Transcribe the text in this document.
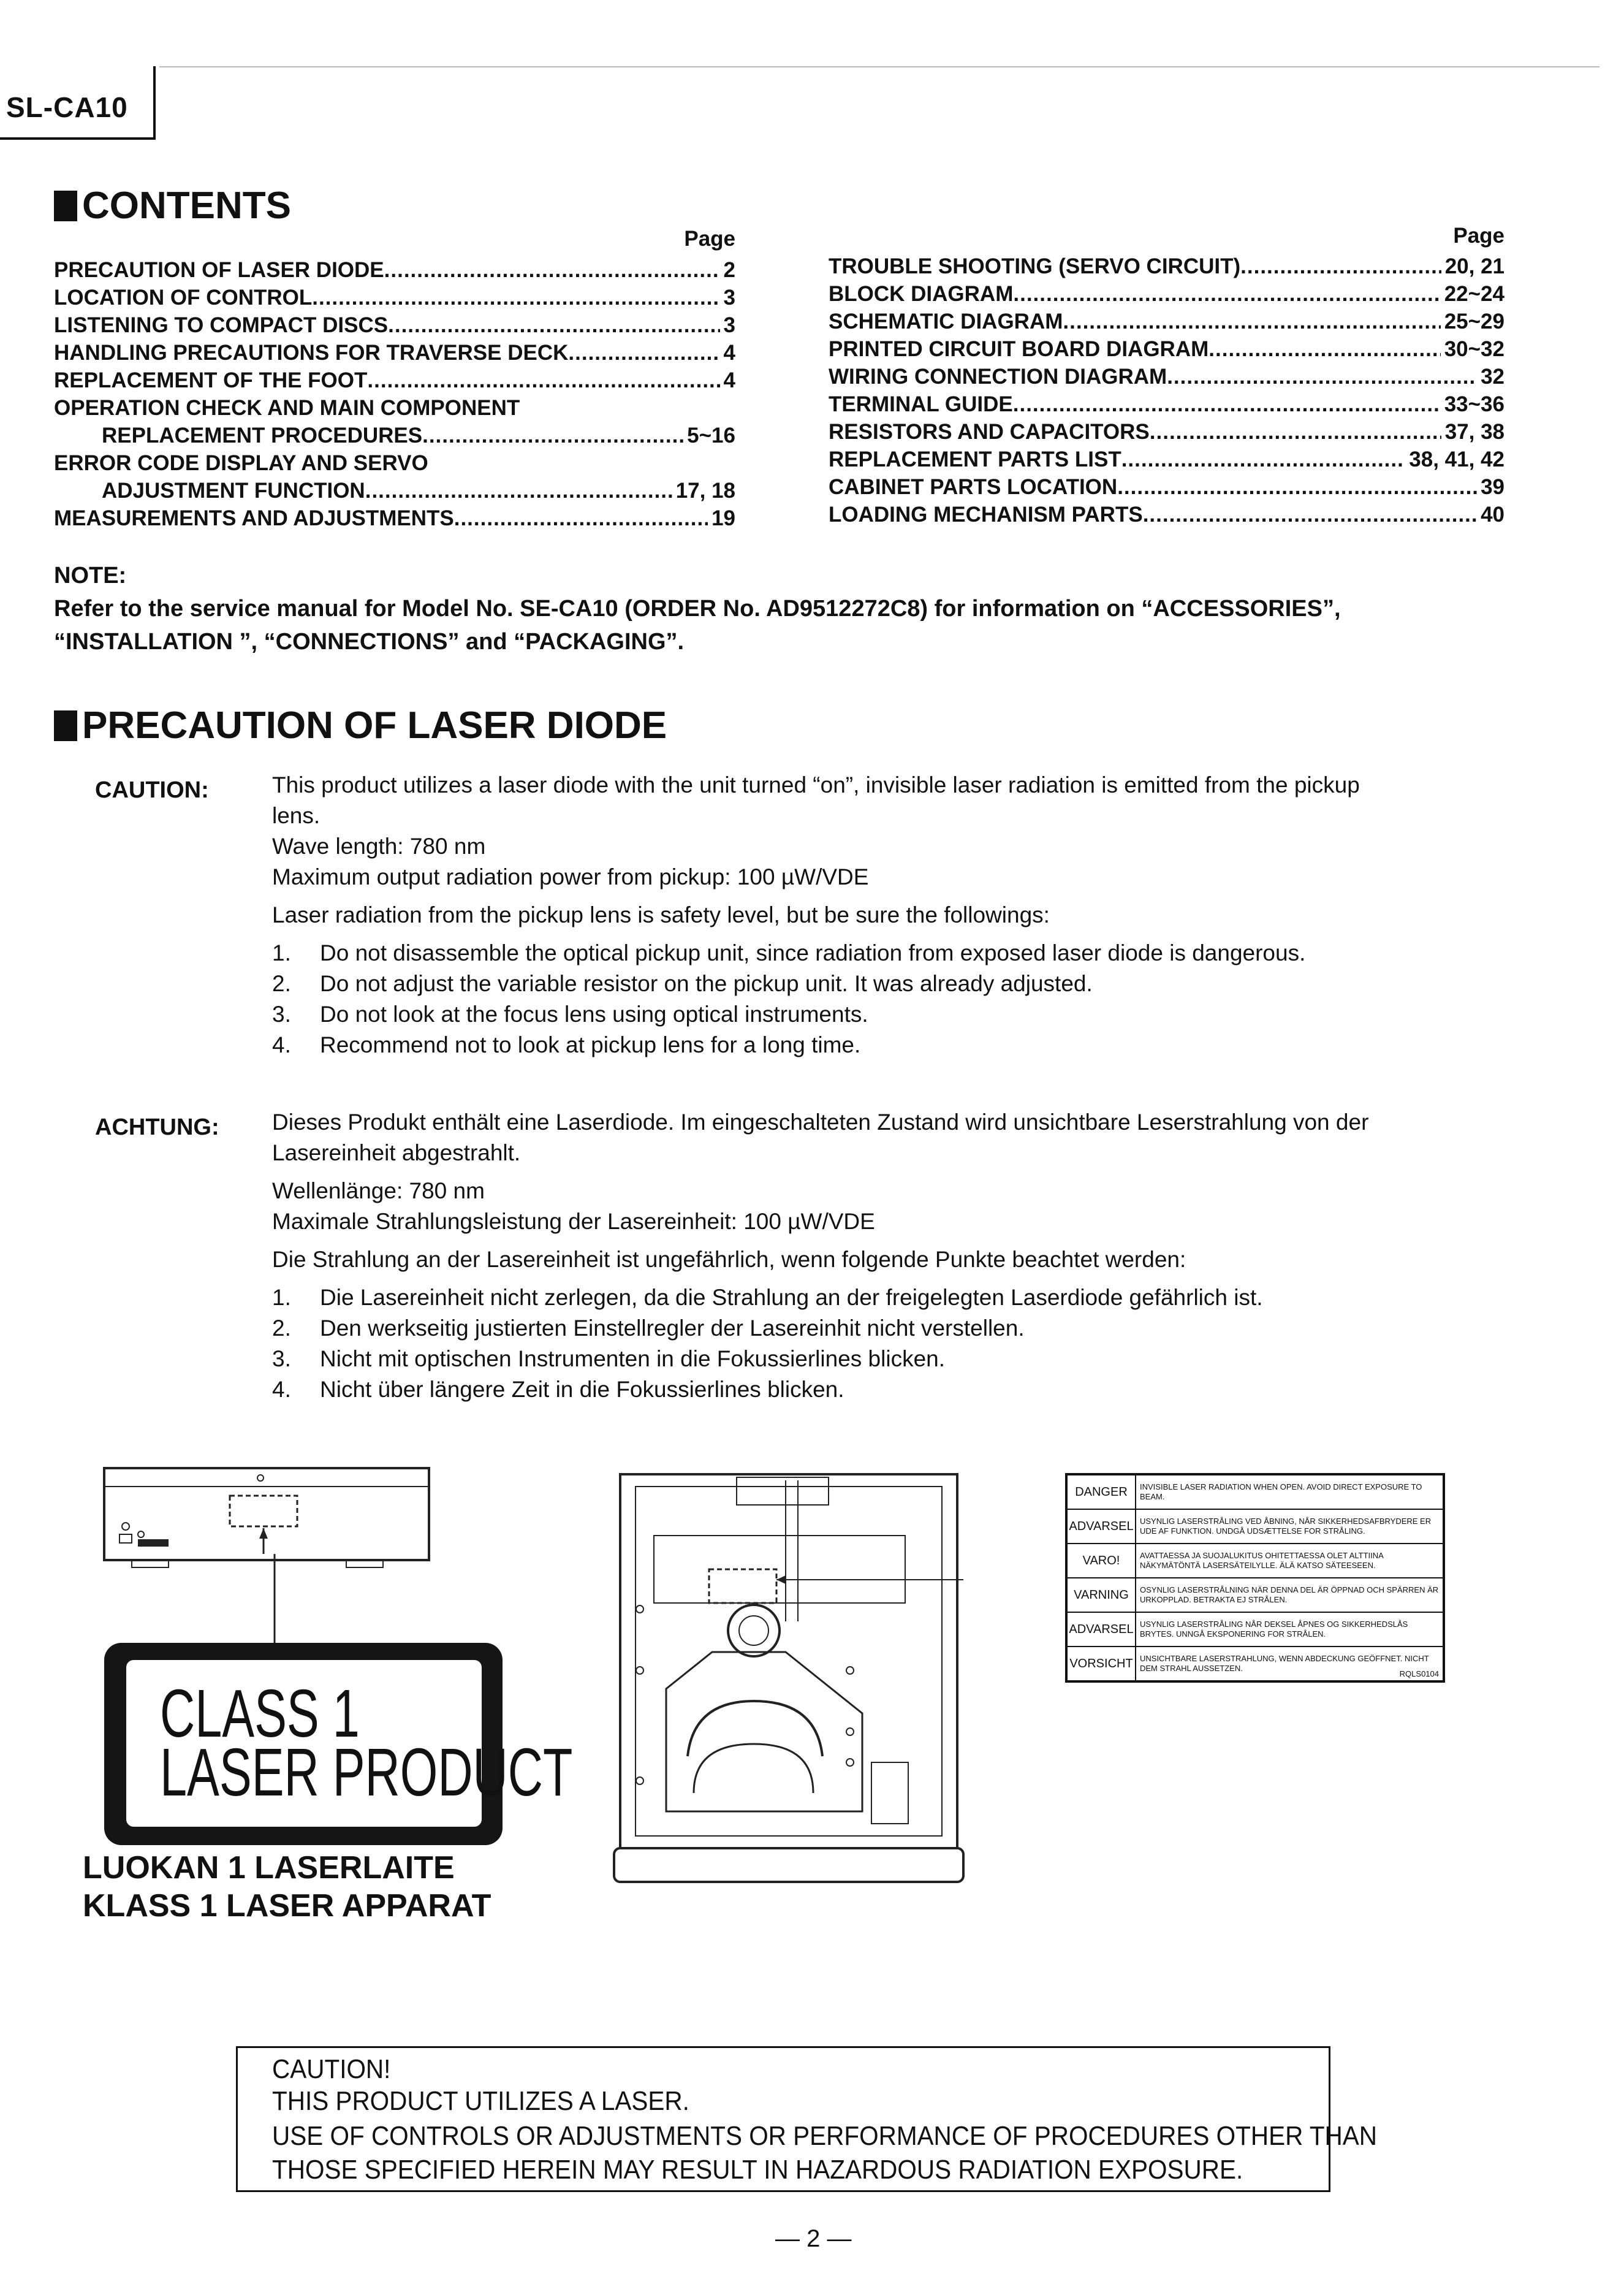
SL-CA10
CONTENTS
Page	Page
PRECAUTION OF LASER DIODE .....	2
LOCATION OF CONTROL .....	3
LISTENING TO COMPACT DISCS .....	3
HANDLING PRECAUTIONS FOR TRAVERSE DECK .....	4
REPLACEMENT OF THE FOOT .....	4
OPERATION CHECK AND MAIN COMPONENT
REPLACEMENT PROCEDURES .....	5~16
ERROR CODE DISPLAY AND SERVO
ADJUSTMENT FUNCTION .....	17, 18
MEASUREMENTS AND ADJUSTMENTS .....	19
TROUBLE SHOOTING (SERVO CIRCUIT) .....	20, 21
BLOCK DIAGRAM .....	22~24
SCHEMATIC DIAGRAM .....	25~29
PRINTED CIRCUIT BOARD DIAGRAM .....	30~32
WIRING CONNECTION DIAGRAM .....	32
TERMINAL GUIDE .....	33~36
RESISTORS AND CAPACITORS .....	37, 38
REPLACEMENT PARTS LIST .....	38, 41, 42
CABINET PARTS LOCATION .....	39
LOADING MECHANISM PARTS .....	40
NOTE:
Refer to the service manual for Model No. SE-CA10 (ORDER No. AD9512272C8) for information on “ACCESSORIES”,
“INSTALLATION ”, “CONNECTIONS” and “PACKAGING”.
PRECAUTION OF LASER DIODE
CAUTION:	This product utilizes a laser diode with the unit turned “on”, invisible laser radiation is emitted from the pickup
lens.
Wave length: 780 nm
Maximum output radiation power from pickup: 100 µW/VDE
Laser radiation from the pickup lens is safety level, but be sure the followings:
1.	Do not disassemble the optical pickup unit, since radiation from exposed laser diode is dangerous.
2.	Do not adjust the variable resistor on the pickup unit. It was already adjusted.
3.	Do not look at the focus lens using optical instruments.
4.	Recommend not to look at pickup lens for a long time.
ACHTUNG: Dieses Produkt enthält eine Laserdiode. Im eingeschalteten Zustand wird unsichtbare Leserstrahlung von der
Lasereinheit abgestrahlt.
Wellenlänge: 780 nm
Maximale Strahlungsleistung der Lasereinheit: 100 µW/VDE
Die Strahlung an der Lasereinheit ist ungefährlich, wenn folgende Punkte beachtet werden:
1.	Die Lasereinheit nicht zerlegen, da die Strahlung an der freigelegten Laserdiode gefährlich ist.
2.	Den werkseitig justierten Einstellregler der Lasereinhit nicht verstellen.
3.	Nicht mit optischen Instrumenten in die Fokussierlines blicken.
4.	Nicht über längere Zeit in die Fokussierlines blicken.
CLASS 1
LASER PRODUCT
LUOKAN 1 LASERLAITE
KLASS 1 LASER APPARAT
DANGER	INVISIBLE LASER RADIATION WHEN OPEN. AVOID DIRECT EXPOSURE TO BEAM.
ADVARSEL USYNLIG LASERSTRÅLING VED ÅBNING, NÅR SIKKERHEDSAFBRYDERE ER UDE AF FUNKTION. UNDGÅ UDSÆTTELSE FOR STRÅLING.
VARO!	AVATTAESSA JA SUOJALUKITUS OHITETTAESSA OLET ALTTIINA NÄKYMÄTÖNTÄ LASERSÄTEILYLLE. ÄLÄ KATSO SÄTEESEEN.
VARNING	OSYNLIG LASERSTRÅLNING NÄR DENNA DEL ÄR ÖPPNAD OCH SPÄRREN ÄR URKOPPLAD. BETRAKTA EJ STRÅLEN.
ADVARSEL USYNLIG LASERSTRÅLING NÅR DEKSEL ÅPNES OG SIKKERHEDSLÅS BRYTES. UNNGÅ EKSPONERING FOR STRÅLEN.
VORSICHT UNSICHTBARE LASERSTRAHLUNG, WENN ABDECKUNG GEÖFFNET. NICHT DEM STRAHL AUSSETZEN.
RQLS0104
CAUTION!
THIS PRODUCT UTILIZES A LASER.
USE OF CONTROLS OR ADJUSTMENTS OR PERFORMANCE OF PROCEDURES OTHER THAN
THOSE SPECIFIED HEREIN MAY RESULT IN HAZARDOUS RADIATION EXPOSURE.
— 2 —
